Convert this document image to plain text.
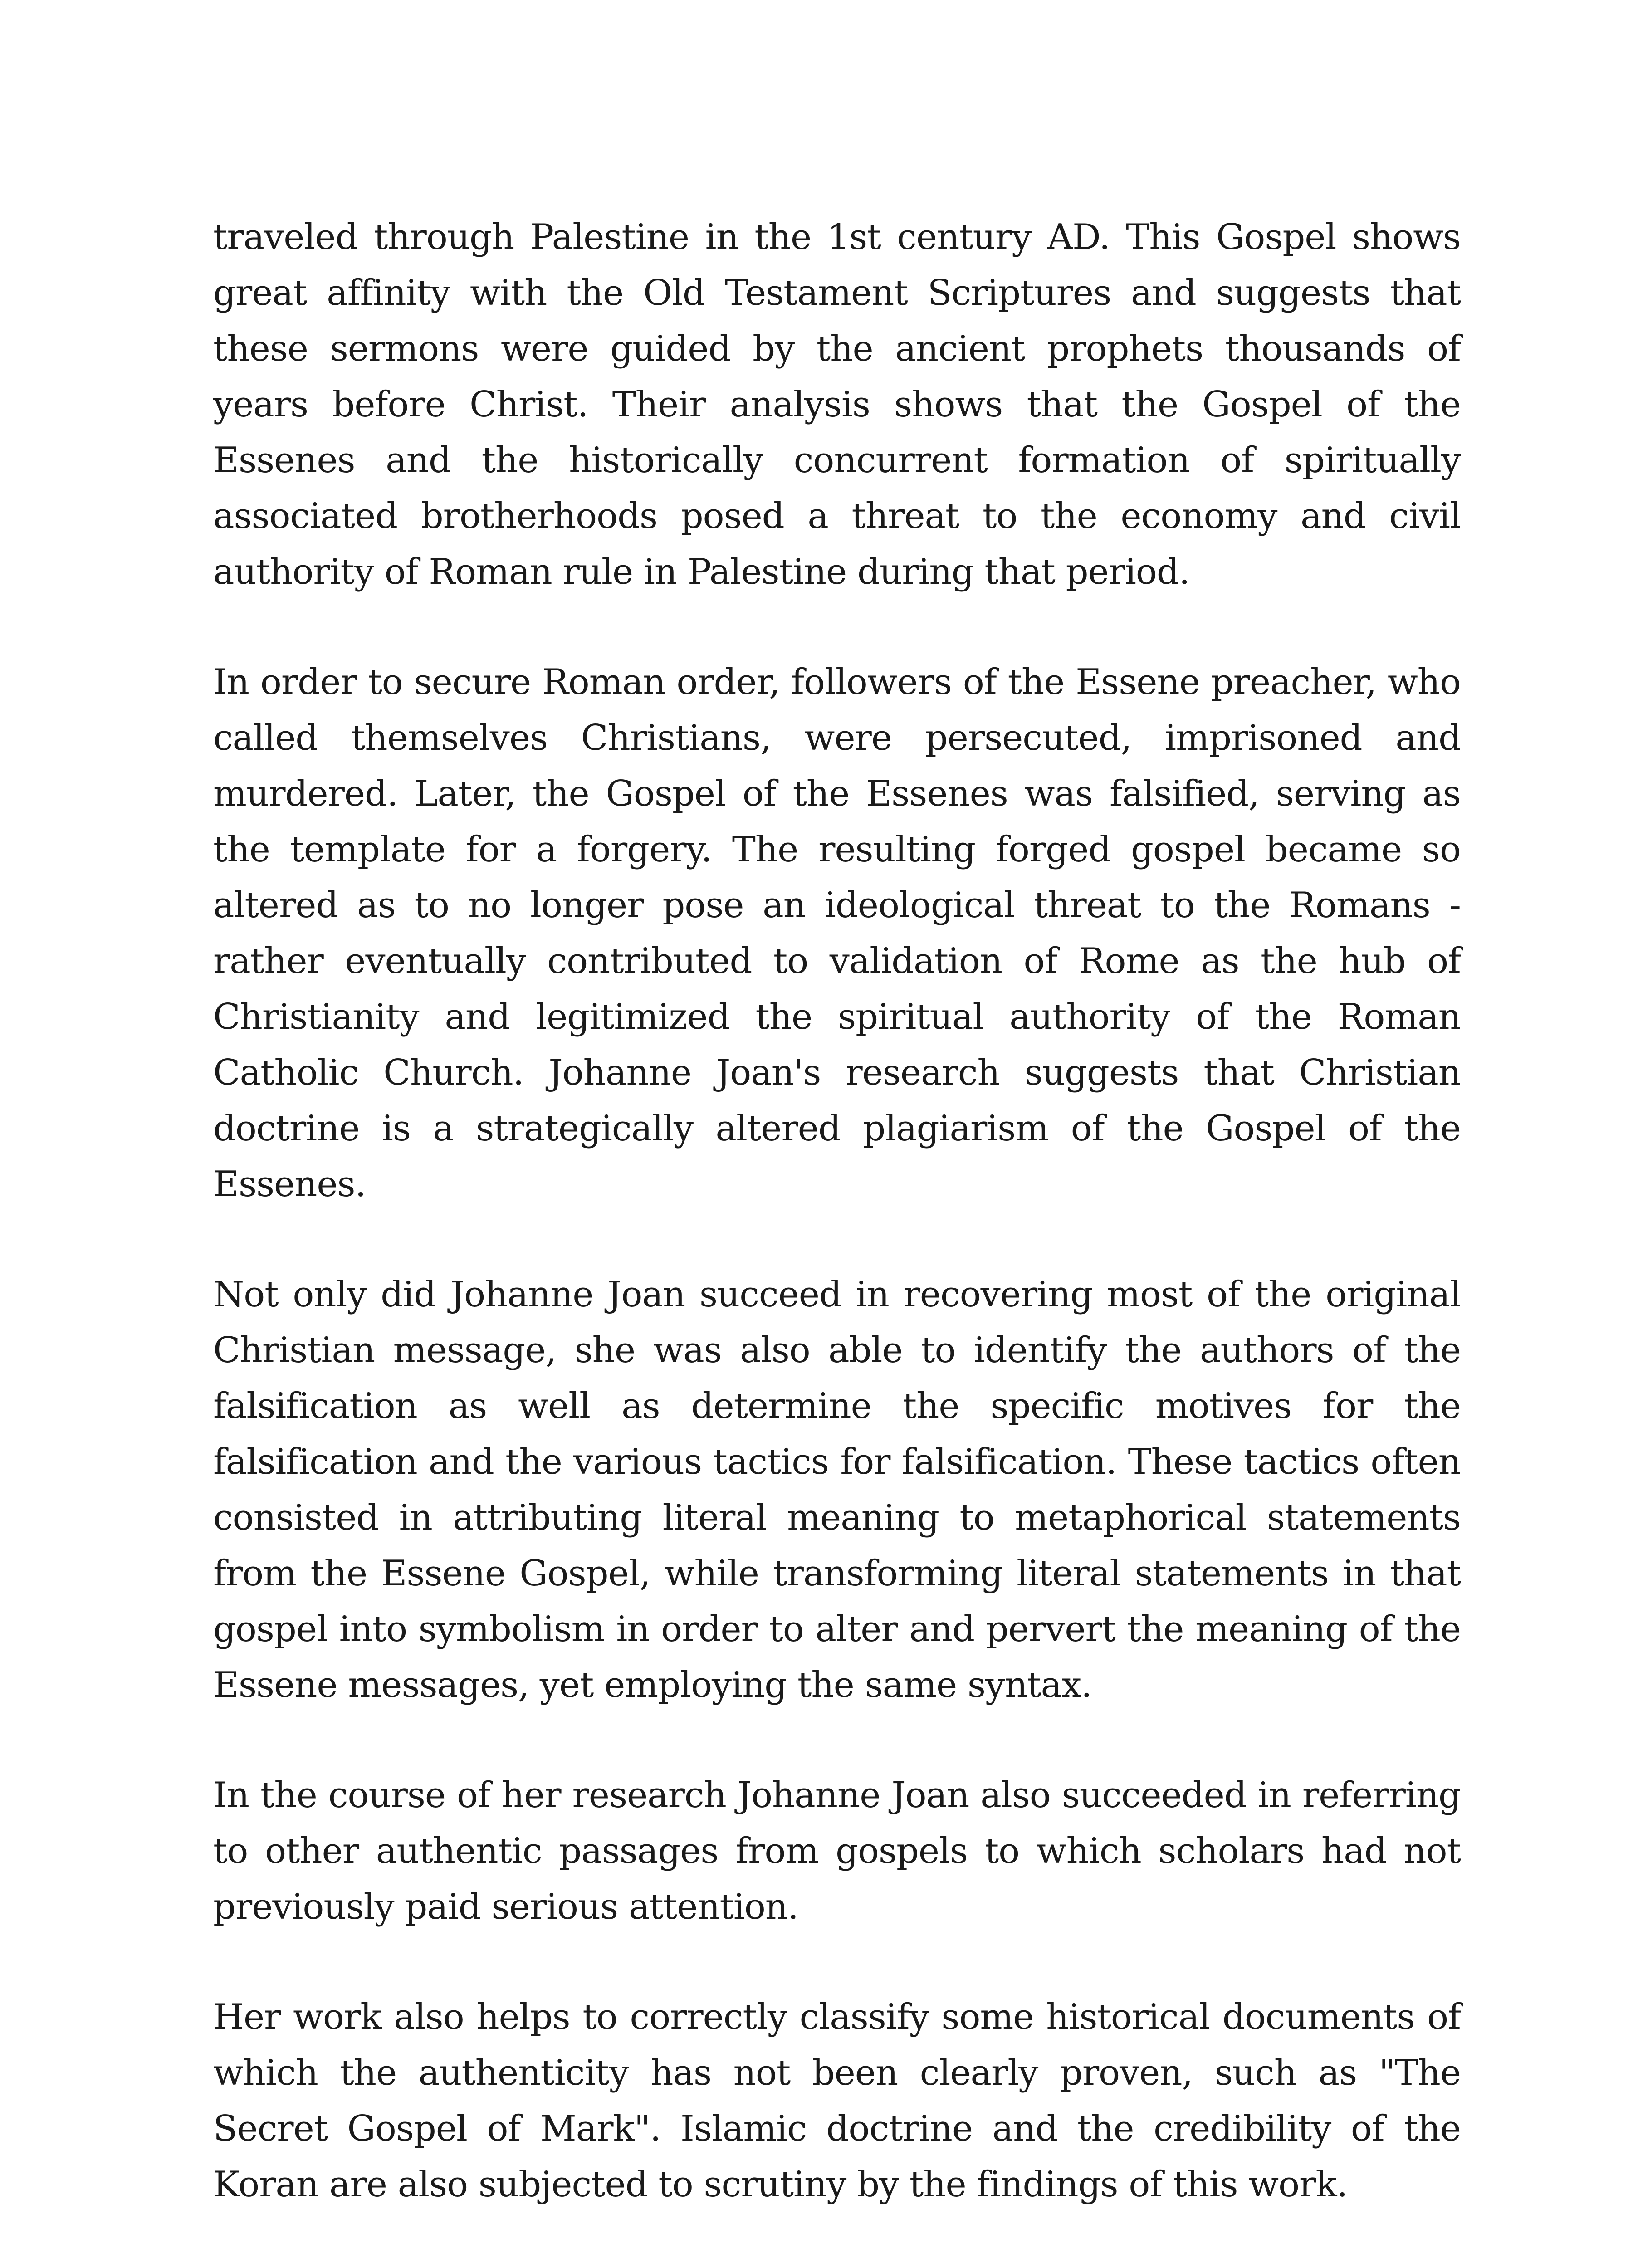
traveled through Palestine in the 1st century AD. This Gospel shows great affinity with the Old Testament Scriptures and suggests that these sermons were guided by the ancient prophets thousands of years before Christ. Their analysis shows that the Gospel of the Essenes and the historically concurrent formation of spiritually associated brotherhoods posed a threat to the economy and civil authority of Roman rule in Palestine during that period.

In order to secure Roman order, followers of the Essene preacher, who called themselves Christians, were persecuted, imprisoned and murdered. Later, the Gospel of the Essenes was falsified, serving as the template for a forgery. The resulting forged gospel became so altered as to no longer pose an ideological threat to the Romans - rather eventually contributed to validation of Rome as the hub of Christianity and legitimized the spiritual authority of the Roman Catholic Church. Johanne Joan's research suggests that Christian doctrine is a strategically altered plagiarism of the Gospel of the Essenes.

Not only did Johanne Joan succeed in recovering most of the original Christian message, she was also able to identify the authors of the falsification as well as determine the specific motives for the falsification and the various tactics for falsification. These tactics often consisted in attributing literal meaning to metaphorical statements from the Essene Gospel, while transforming literal statements in that gospel into symbolism in order to alter and pervert the meaning of the Essene messages, yet employing the same syntax.

In the course of her research Johanne Joan also succeeded in referring to other authentic passages from gospels to which scholars had not previously paid serious attention.

Her work also helps to correctly classify some historical documents of which the authenticity has not been clearly proven, such as "The Secret Gospel of Mark". Islamic doctrine and the credibility of the Koran are also subjected to scrutiny by the findings of this work.
